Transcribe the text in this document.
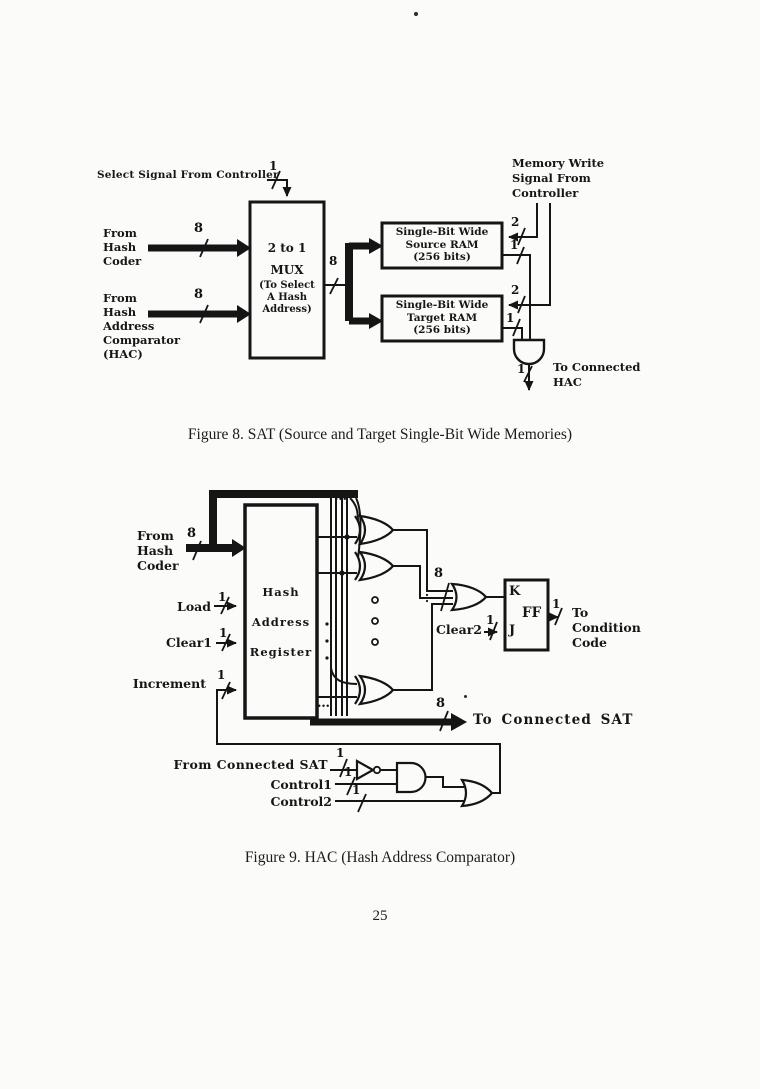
Select Signal From Controller
1
From
Hash
Coder
8
From
Hash
Address
Comparator
(HAC)
8
2 to 1
MUX
(To Select
A Hash
Address)
8
Single-Bit Wide
Source RAM
(256 bits)
Single-Bit Wide
Target RAM
(256 bits)
Memory Write
Signal From
Controller
2
1
2
1
1 To Connected
HAC
Figure 8. SAT (Source and Target Single-Bit Wide Memories)
From
Hash
Coder
8
Load
1
Clear1
1
Increment
1
Hash
Address
Register
…
…
8
Clear2
1
K
J
FF
1
To
Condition
Code
8
To Connected SAT
From Connected SAT
1
Control1
1
Control2
1
Figure 9. HAC (Hash Address Comparator)
25
